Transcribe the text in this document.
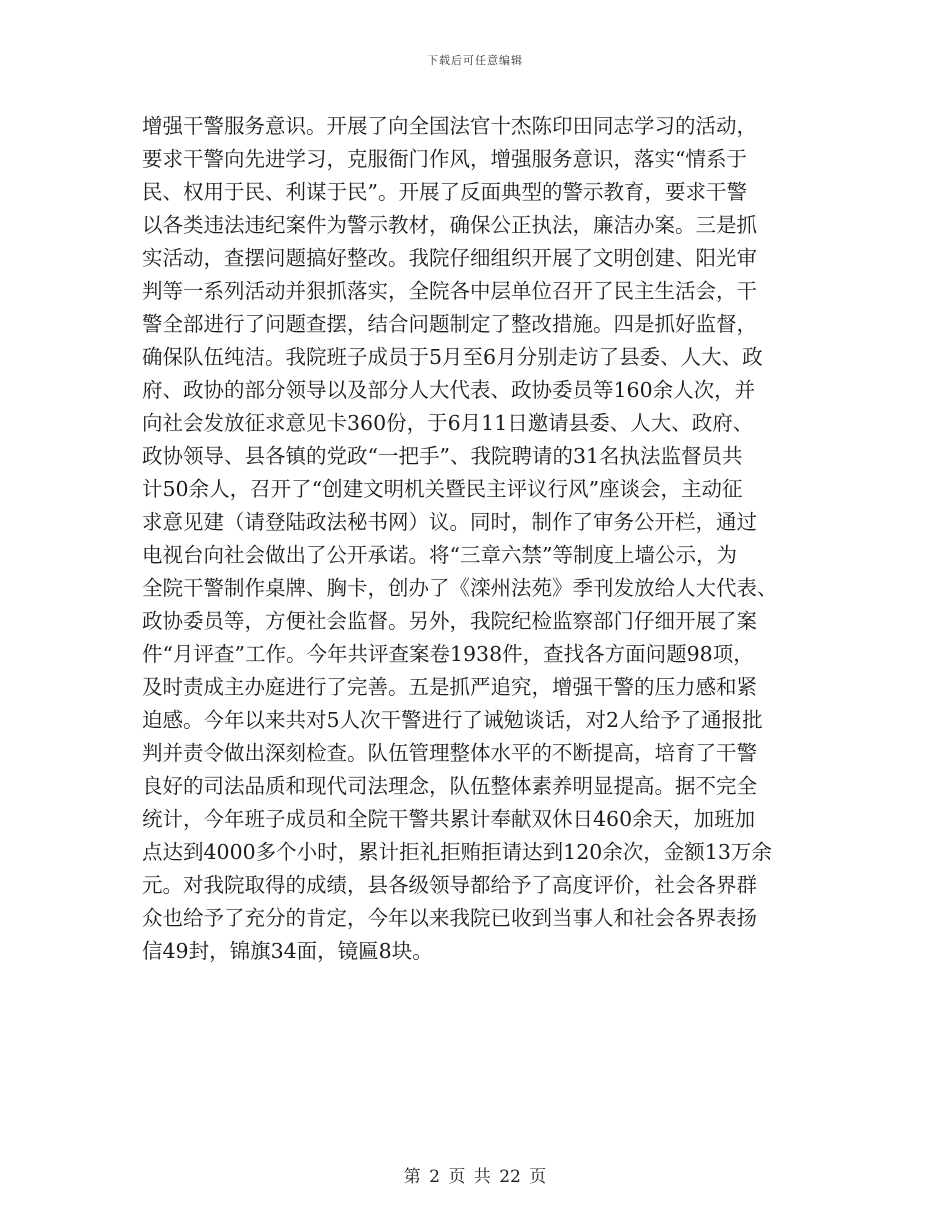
下载后可任意编辑
增强干警服务意识。开展了向全国法官十杰陈印田同志学习的活动，
要求干警向先进学习，克服衙门作风，增强服务意识，落实“情系于
民、权用于民、利谋于民”。开展了反面典型的警示教育，要求干警
以各类违法违纪案件为警示教材，确保公正执法，廉洁办案。三是抓
实活动，查摆问题搞好整改。我院仔细组织开展了文明创建、阳光审
判等一系列活动并狠抓落实，全院各中层单位召开了民主生活会，干
警全部进行了问题查摆，结合问题制定了整改措施。四是抓好监督，
确保队伍纯洁。我院班子成员于5月至6月分别走访了县委、人大、政
府、政协的部分领导以及部分人大代表、政协委员等160余人次，并
向社会发放征求意见卡360份，于6月11日邀请县委、人大、政府、
政协领导、县各镇的党政“一把手”、我院聘请的31名执法监督员共
计50余人，召开了“创建文明机关暨民主评议行风”座谈会，主动征
求意见建（请登陆政法秘书网）议。同时，制作了审务公开栏，通过
电视台向社会做出了公开承诺。将“三章六禁”等制度上墙公示，为
全院干警制作桌牌、胸卡，创办了《滦州法苑》季刊发放给人大代表、
政协委员等，方便社会监督。另外，我院纪检监察部门仔细开展了案
件“月评查”工作。今年共评查案卷1938件，查找各方面问题98项，
及时责成主办庭进行了完善。五是抓严追究，增强干警的压力感和紧
迫感。今年以来共对5人次干警进行了诫勉谈话，对2人给予了通报批
判并责令做出深刻检查。队伍管理整体水平的不断提高，培育了干警
良好的司法品质和现代司法理念，队伍整体素养明显提高。据不完全
统计，今年班子成员和全院干警共累计奉献双休日460余天，加班加
点达到4000多个小时，累计拒礼拒贿拒请达到120余次，金额13万余
元。对我院取得的成绩，县各级领导都给予了高度评价，社会各界群
众也给予了充分的肯定，今年以来我院已收到当事人和社会各界表扬
信49封，锦旗34面，镜匾8块。
第 2 页 共 22 页
